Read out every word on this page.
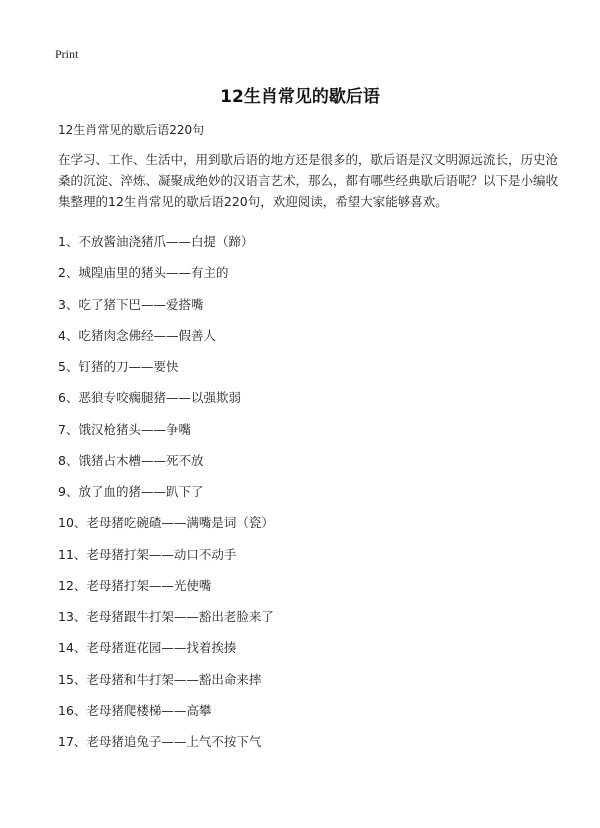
Print
12生肖常见的歇后语

12生肖常见的歇后语220句

在学习、工作、生活中，用到歇后语的地方还是很多的，歇后语是汉文明源远流长，历史沧桑的沉淀、淬炼、凝聚成绝妙的汉语言艺术，那么，都有哪些经典歇后语呢？以下是小编收集整理的12生肖常见的歇后语220句，欢迎阅读，希望大家能够喜欢。

1、不放酱油浇猪爪——白提（蹄）
2、城隍庙里的猪头——有主的
3、吃了猪下巴——爱搭嘴
4、吃猪肉念佛经——假善人
5、钉猪的刀——要快
6、恶狼专咬瘸腿猪——以强欺弱
7、饿汉枪猪头——争嘴
8、饿猪占木槽——死不放
9、放了血的猪——趴下了
10、老母猪吃碗碴——满嘴是词（瓷）
11、老母猪打架——动口不动手
12、老母猪打架——光使嘴
13、老母猪跟牛打架——豁出老脸来了
14、老母猪逛花园——找着挨揍
15、老母猪和牛打架——豁出命来摔
16、老母猪爬楼梯——高攀
17、老母猪追兔子——上气不按下气
